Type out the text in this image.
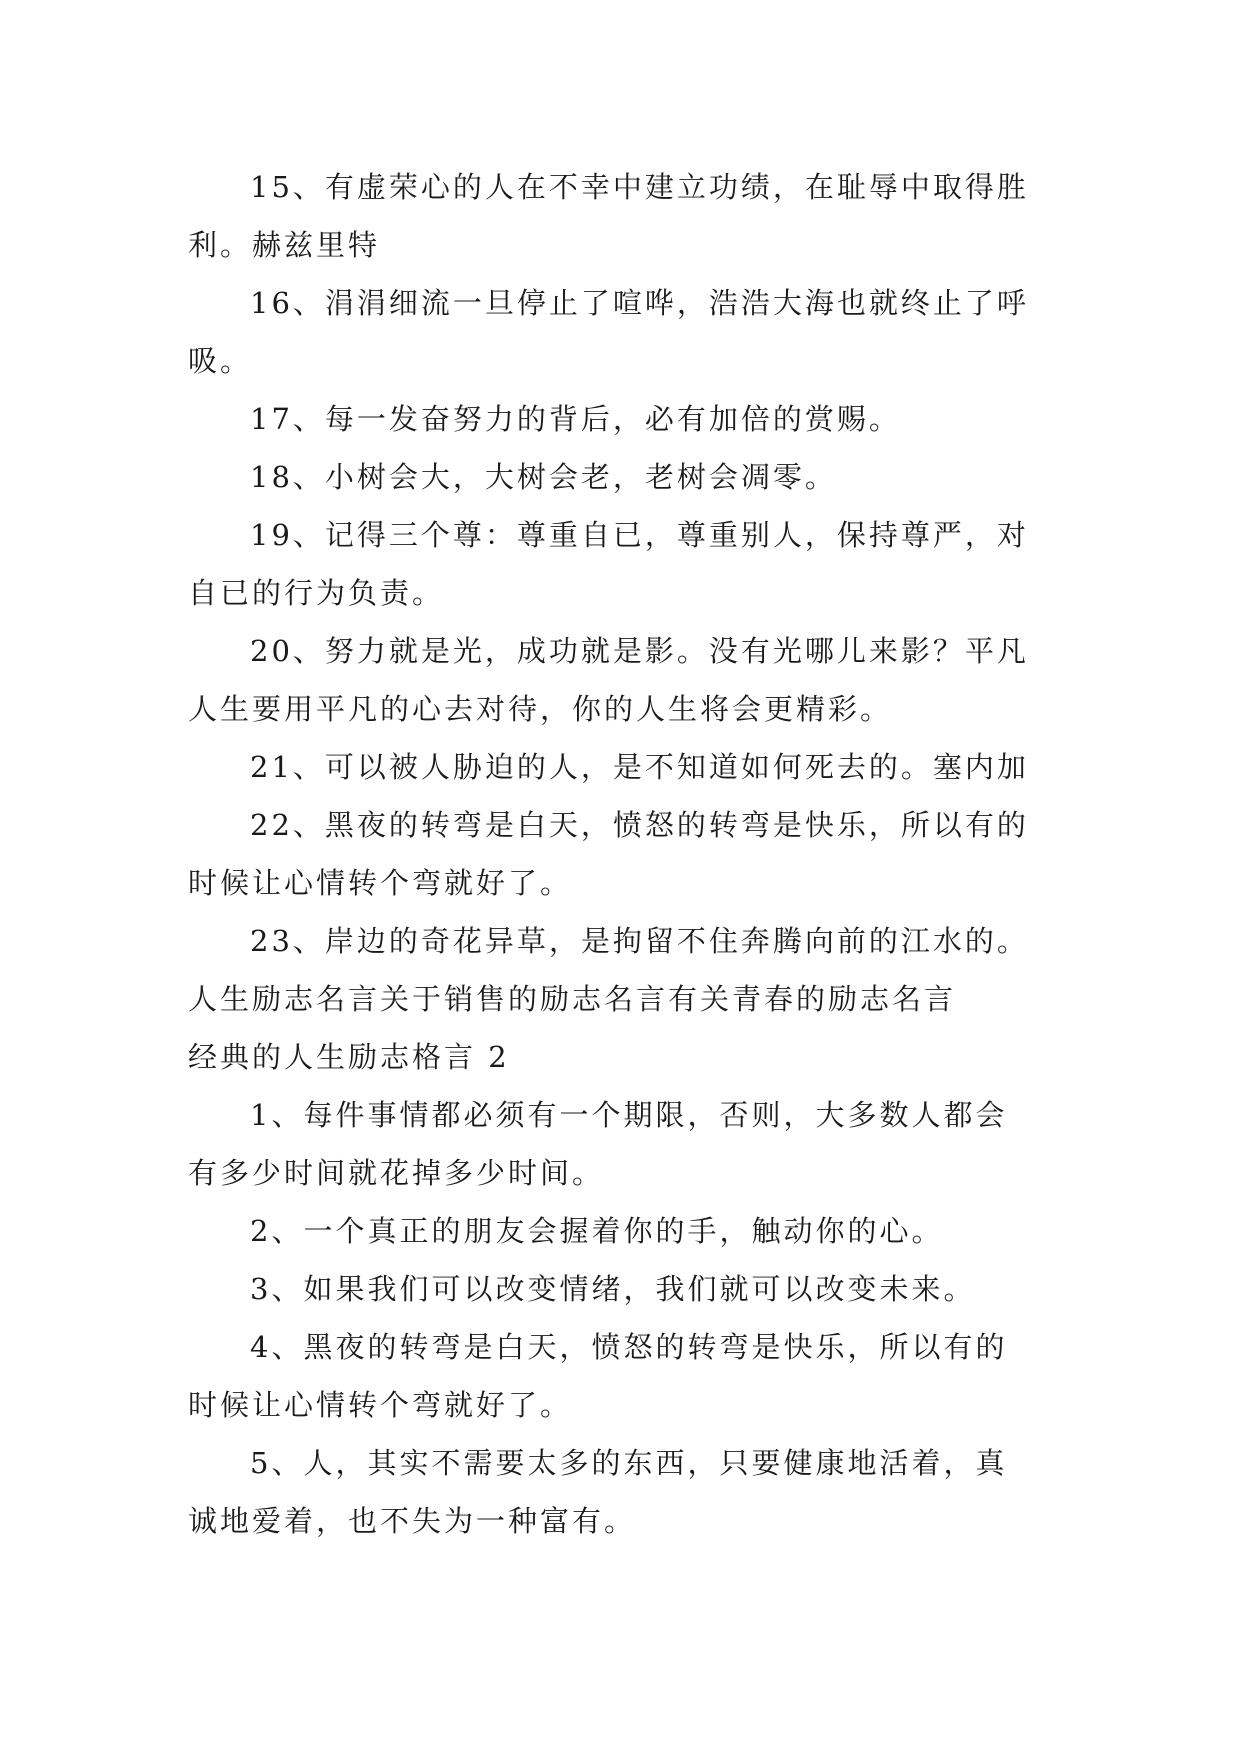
15、有虚荣心的人在不幸中建立功绩，在耻辱中取得胜

利。赫兹里特

16、涓涓细流一旦停止了喧哗，浩浩大海也就终止了呼

吸。

17、每一发奋努力的背后，必有加倍的赏赐。

18、小树会大，大树会老，老树会凋零。

19、记得三个尊：尊重自已，尊重别人，保持尊严，对

自已的行为负责。

20、努力就是光，成功就是影。没有光哪儿来影？平凡

人生要用平凡的心去对待，你的人生将会更精彩。

21、可以被人胁迫的人，是不知道如何死去的。塞内加

22、黑夜的转弯是白天，愤怒的转弯是快乐，所以有的

时候让心情转个弯就好了。

23、岸边的奇花异草，是拘留不住奔腾向前的江水的。

人生励志名言关于销售的励志名言有关青春的励志名言

经典的人生励志格言 2

1、每件事情都必须有一个期限，否则，大多数人都会

有多少时间就花掉多少时间。

2、一个真正的朋友会握着你的手，触动你的心。

3、如果我们可以改变情绪，我们就可以改变未来。

4、黑夜的转弯是白天，愤怒的转弯是快乐，所以有的

时候让心情转个弯就好了。

5、人，其实不需要太多的东西，只要健康地活着，真

诚地爱着，也不失为一种富有。
